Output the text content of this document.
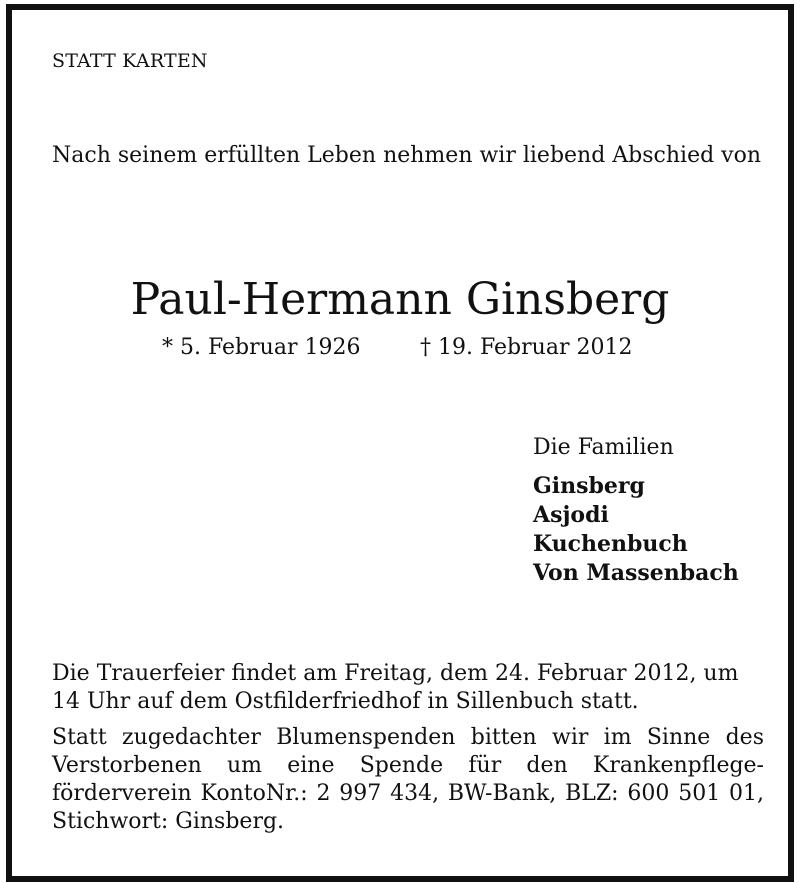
STATT KARTEN

Nach seinem erfüllten Leben nehmen wir liebend Abschied von

Paul-Hermann Ginsberg
* 5. Februar 1926	† 19. Februar 2012

Die Familien

Ginsberg
Asjodi
Kuchenbuch
Von Massenbach

Die Trauerfeier findet am Freitag, dem 24. Februar 2012, um 14 Uhr auf dem Ostfilderfriedhof in Sillenbuch statt.

Statt zugedachter Blumenspenden bitten wir im Sinne des
Verstorbenen um eine Spende für den Krankenpflege-
förderverein KontoNr.: 2 997 434, BW-Bank, BLZ: 600 501 01,
Stichwort: Ginsberg.
